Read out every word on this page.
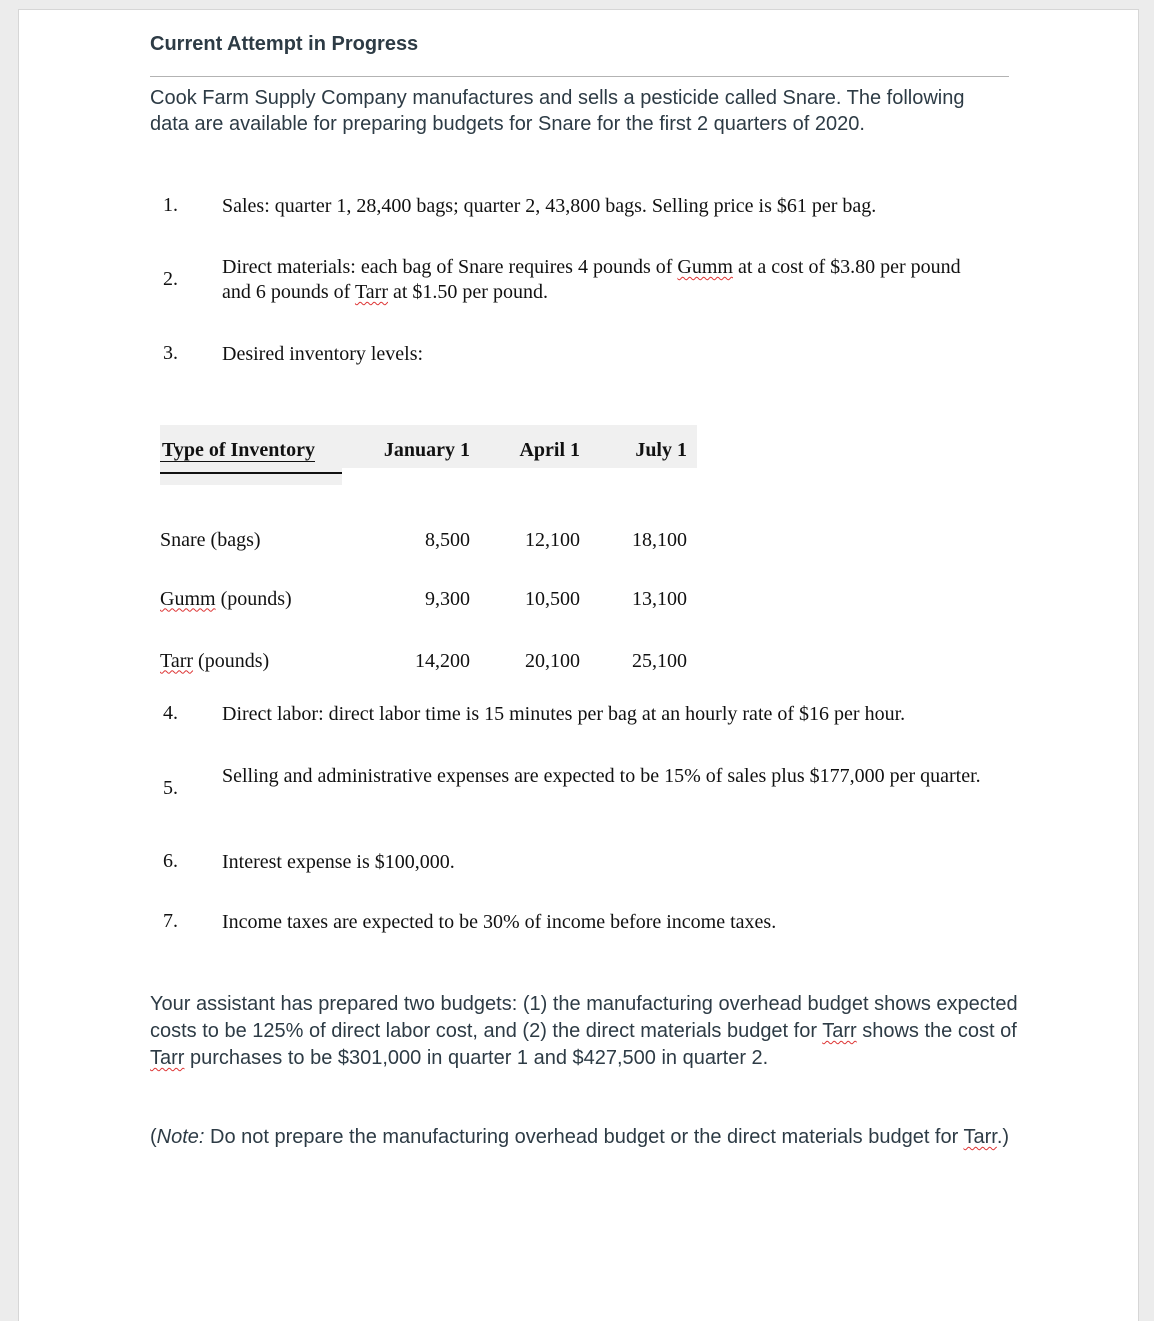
Current Attempt in Progress
Cook Farm Supply Company manufactures and sells a pesticide called Snare. The following data are available for preparing budgets for Snare for the first 2 quarters of 2020.
1. Sales: quarter 1, 28,400 bags; quarter 2, 43,800 bags. Selling price is $61 per bag.
2.
Direct materials: each bag of Snare requires 4 pounds of Gumm at a cost of $3.80 per pound and 6 pounds of Tarr at $1.50 per pound.
3. Desired inventory levels:
Type of Inventory	January 1	April 1	July 1
Snare (bags)	8,500	12,100	18,100
Gumm (pounds)	9,300	10,500	13,100
Tarr (pounds)	14,200	20,100	25,100
4. Direct labor: direct labor time is 15 minutes per bag at an hourly rate of $16 per hour.
5.
Selling and administrative expenses are expected to be 15% of sales plus $177,000 per quarter.
6. Interest expense is $100,000.
7. Income taxes are expected to be 30% of income before income taxes.
Your assistant has prepared two budgets: (1) the manufacturing overhead budget shows expected costs to be 125% of direct labor cost, and (2) the direct materials budget for Tarr shows the cost of Tarr purchases to be $301,000 in quarter 1 and $427,500 in quarter 2.
(Note: Do not prepare the manufacturing overhead budget or the direct materials budget for Tarr.)
